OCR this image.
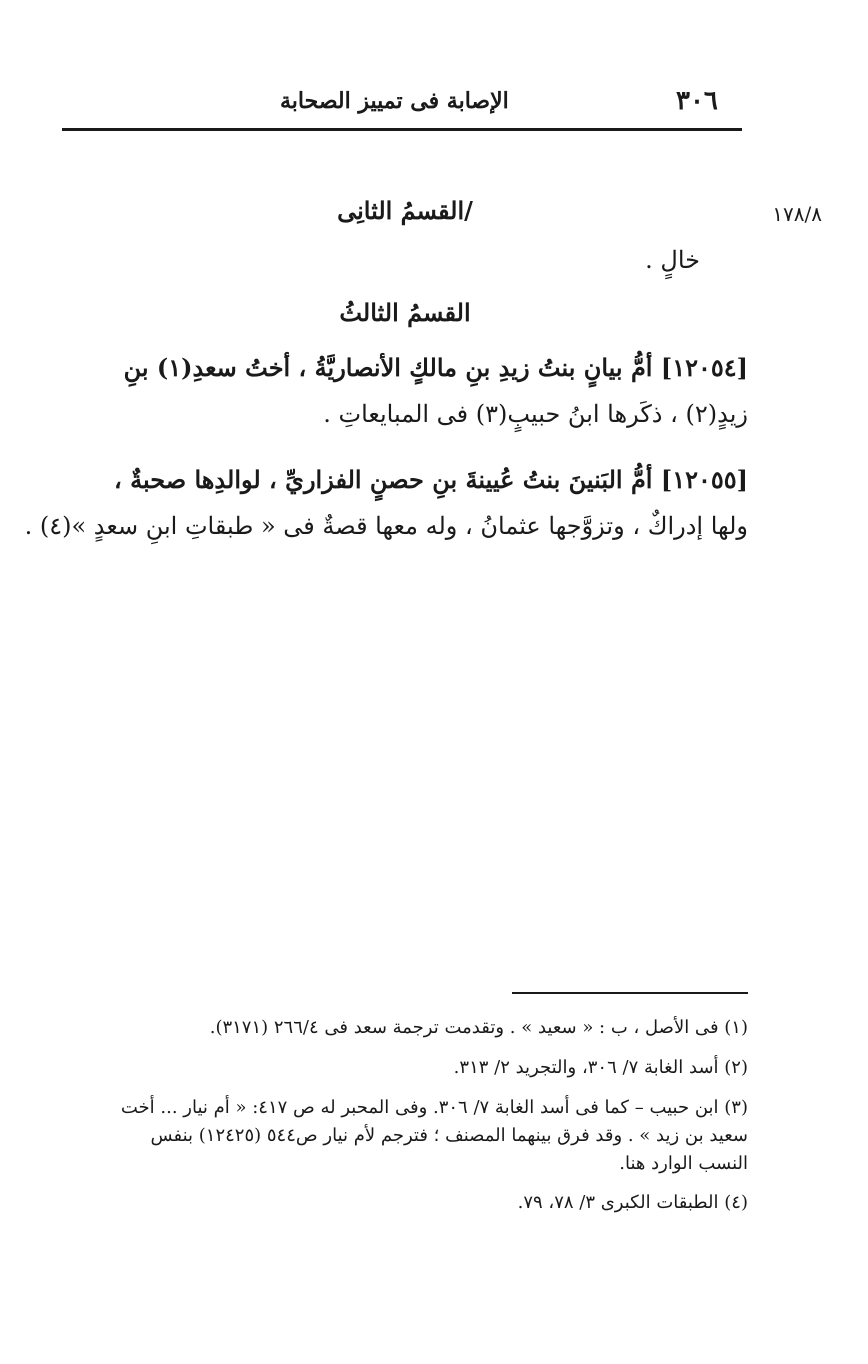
٣٠٦
الإصابة فى تمييز الصحابة
١٧٨/٨
/القسمُ الثانِى
خالٍ .
القسمُ الثالثُ
[١٢٠٥٤] أمُّ بيانٍ بنتُ زيدِ بنِ مالكٍ الأنصاريَّةُ ، أختُ سعدِ(١) بنِ
زيدٍ(٢) ، ذكَرها ابنُ حبيبٍ(٣) فى المبايعاتِ .
[١٢٠٥٥] أمُّ البَنينَ بنتُ عُيينةَ بنِ حصنٍ الفزاريِّ ، لوالدِها صحبةٌ ،
ولها إدراكٌ ، وتزوَّجها عثمانُ ، وله معها قصةٌ فى « طبقاتِ ابنِ سعدٍ »(٤) .
(١) فى الأصل ، ب : « سعيد » . وتقدمت ترجمة سعد فى ٢٦٦/٤ (٣١٧١).
(٢) أسد الغابة ٧/ ٣٠٦، والتجريد ٢/ ٣١٣.
(٣) ابن حبيب – كما فى أسد الغابة ٧/ ٣٠٦. وفى المحبر له ص ٤١٧: « أم نيار ... أخت
سعيد بن زيد » . وقد فرق بينهما المصنف ؛ فترجم لأم نيار ص٥٤٤ (١٢٤٢٥) بنفس
النسب الوارد هنا.
(٤) الطبقات الكبرى ٣/ ٧٨، ٧٩.
